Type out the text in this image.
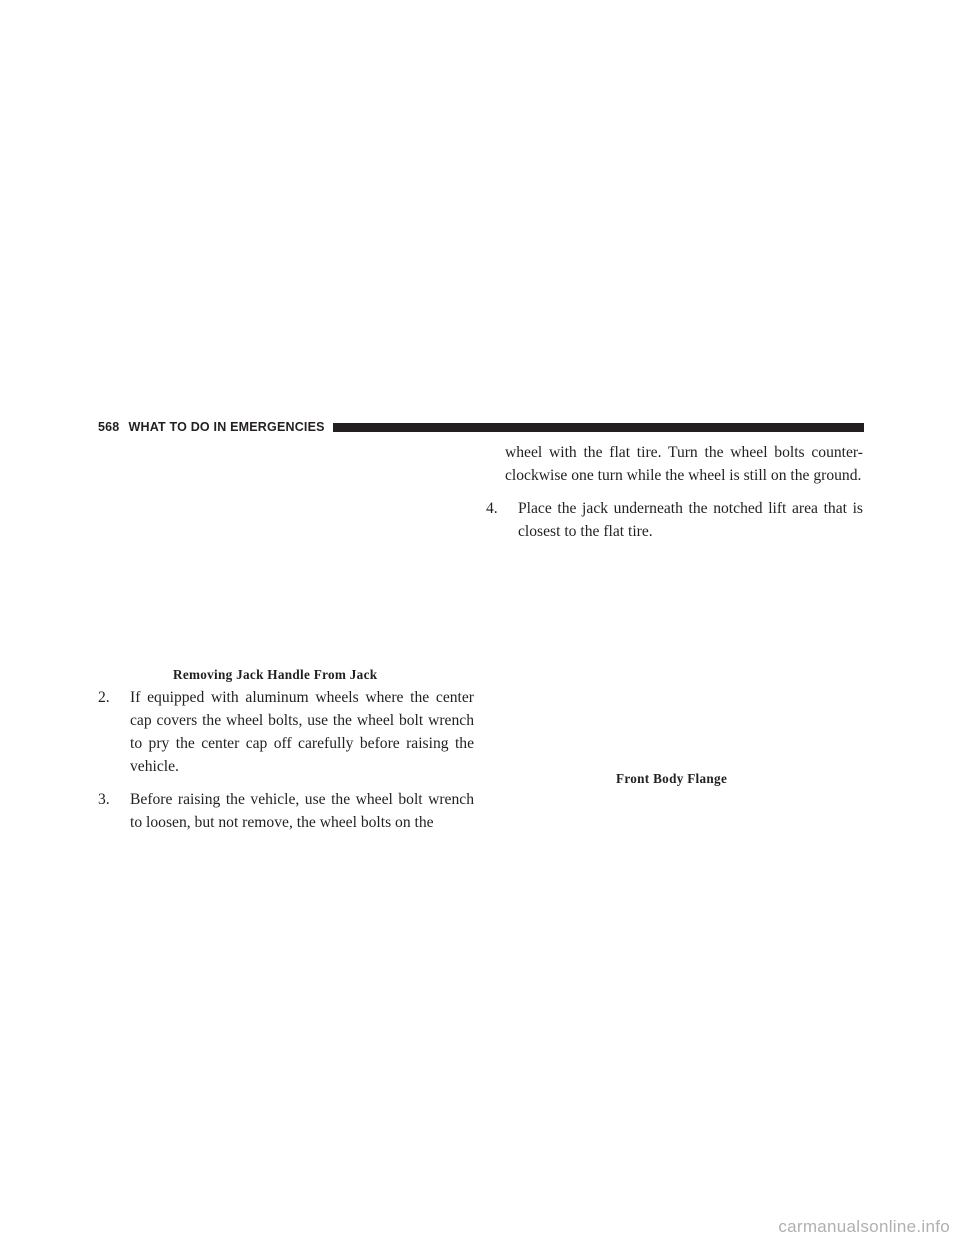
568 WHAT TO DO IN EMERGENCIES
Removing Jack Handle From Jack
2. If equipped with aluminum wheels where the center cap covers the wheel bolts, use the wheel bolt wrench to pry the center cap off carefully before raising the vehicle.
3. Before raising the vehicle, use the wheel bolt wrench to loosen, but not remove, the wheel bolts on the
wheel with the flat tire. Turn the wheel bolts counter-clockwise one turn while the wheel is still on the ground.
4. Place the jack underneath the notched lift area that is closest to the flat tire.
Front Body Flange
carmanualsonline.info
